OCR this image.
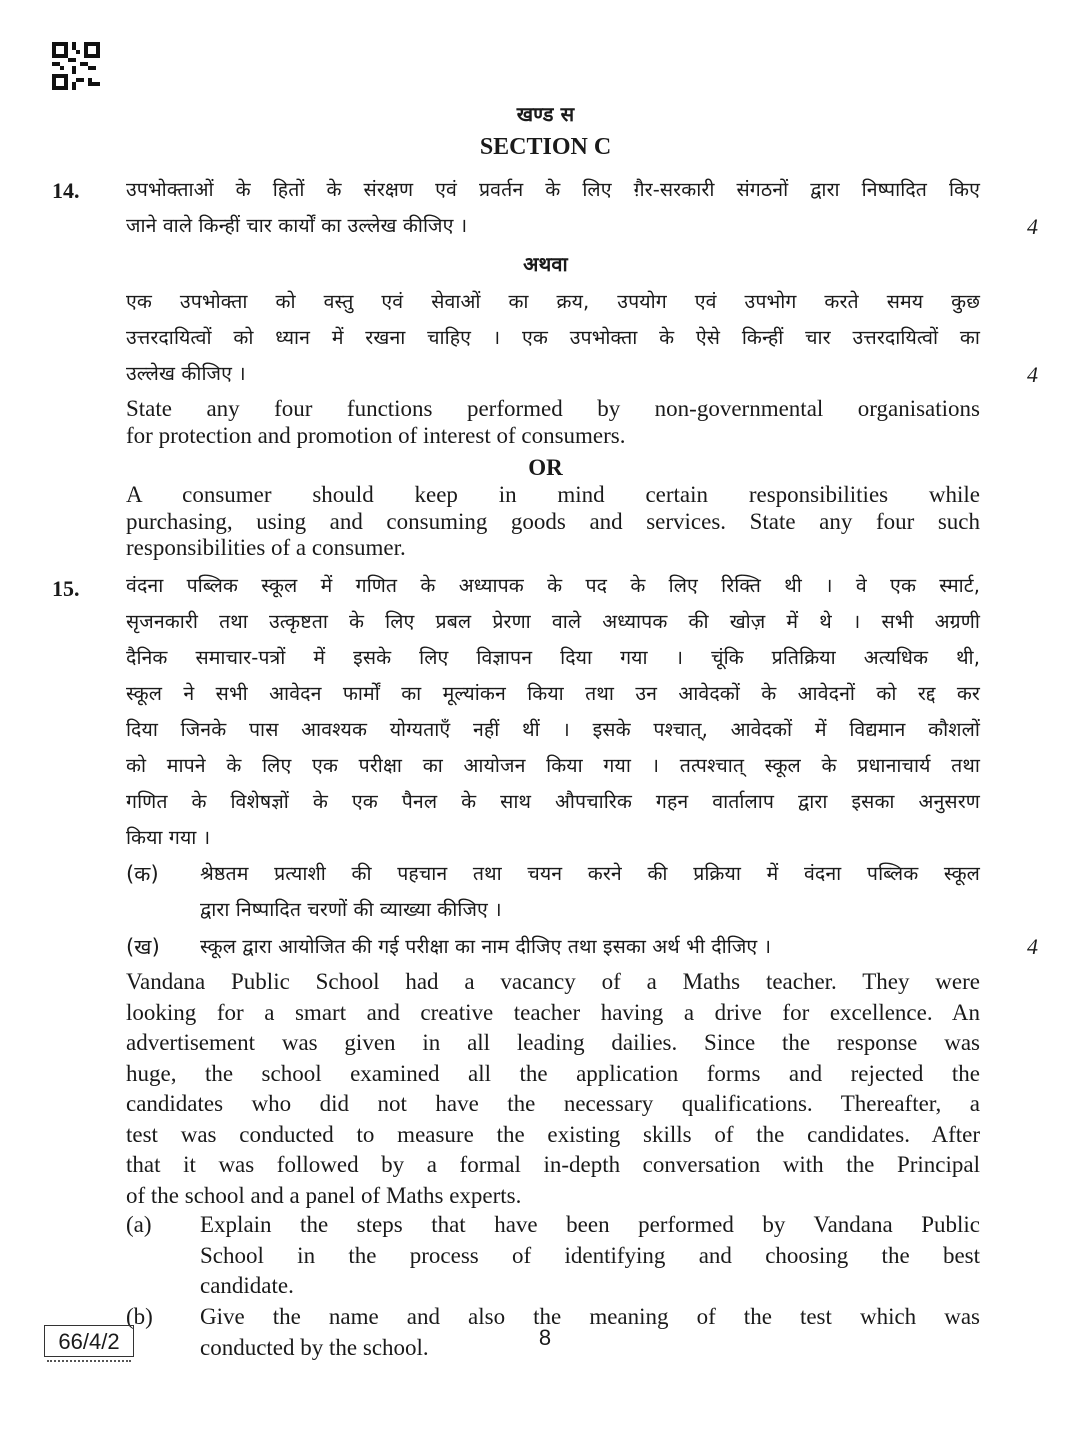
खण्ड स
SECTION C
14. उपभोक्ताओं के हितों के संरक्षण एवं प्रवर्तन के लिए ग़ैर-सरकारी संगठनों द्वारा निष्पादित किए
जाने वाले किन्हीं चार कार्यों का उल्लेख कीजिए ।	4
अथवा
एक उपभोक्ता को वस्तु एवं सेवाओं का क्रय, उपयोग एवं उपभोग करते समय कुछ
उत्तरदायित्वों को ध्यान में रखना चाहिए । एक उपभोक्ता के ऐसे किन्हीं चार उत्तरदायित्वों का
उल्लेख कीजिए ।	4
State any four functions performed by non-governmental organisations
for protection and promotion of interest of consumers.
OR
A consumer should keep in mind certain responsibilities while
purchasing, using and consuming goods and services. State any four such
responsibilities of a consumer.
15. वंदना पब्लिक स्कूल में गणित के अध्यापक के पद के लिए रिक्ति थी । वे एक स्मार्ट,
सृजनकारी तथा उत्कृष्टता के लिए प्रबल प्रेरणा वाले अध्यापक की खोज़ में थे । सभी अग्रणी
दैनिक समाचार-पत्रों में इसके लिए विज्ञापन दिया गया । चूंकि प्रतिक्रिया अत्यधिक थी,
स्कूल ने सभी आवेदन फार्मों का मूल्यांकन किया तथा उन आवेदकों के आवेदनों को रद्द कर
दिया जिनके पास आवश्यक योग्यताएँ नहीं थीं । इसके पश्चात्, आवेदकों में विद्यमान कौशलों
को मापने के लिए एक परीक्षा का आयोजन किया गया । तत्पश्चात् स्कूल के प्रधानाचार्य तथा
गणित के विशेषज्ञों के एक पैनल के साथ औपचारिक गहन वार्तालाप द्वारा इसका अनुसरण
किया गया ।
(क) श्रेष्ठतम प्रत्याशी की पहचान तथा चयन करने की प्रक्रिया में वंदना पब्लिक स्कूल
द्वारा निष्पादित चरणों की व्याख्या कीजिए ।
(ख) स्कूल द्वारा आयोजित की गई परीक्षा का नाम दीजिए तथा इसका अर्थ भी दीजिए ।	4
Vandana Public School had a vacancy of a Maths teacher. They were
looking for a smart and creative teacher having a drive for excellence. An
advertisement was given in all leading dailies. Since the response was
huge, the school examined all the application forms and rejected the
candidates who did not have the necessary qualifications. Thereafter, a
test was conducted to measure the existing skills of the candidates. After
that it was followed by a formal in-depth conversation with the Principal
of the school and a panel of Maths experts.
(a) Explain the steps that have been performed by Vandana Public
School in the process of identifying and choosing the best
candidate.
(b) Give the name and also the meaning of the test which was
conducted by the school.
66/4/2	8
